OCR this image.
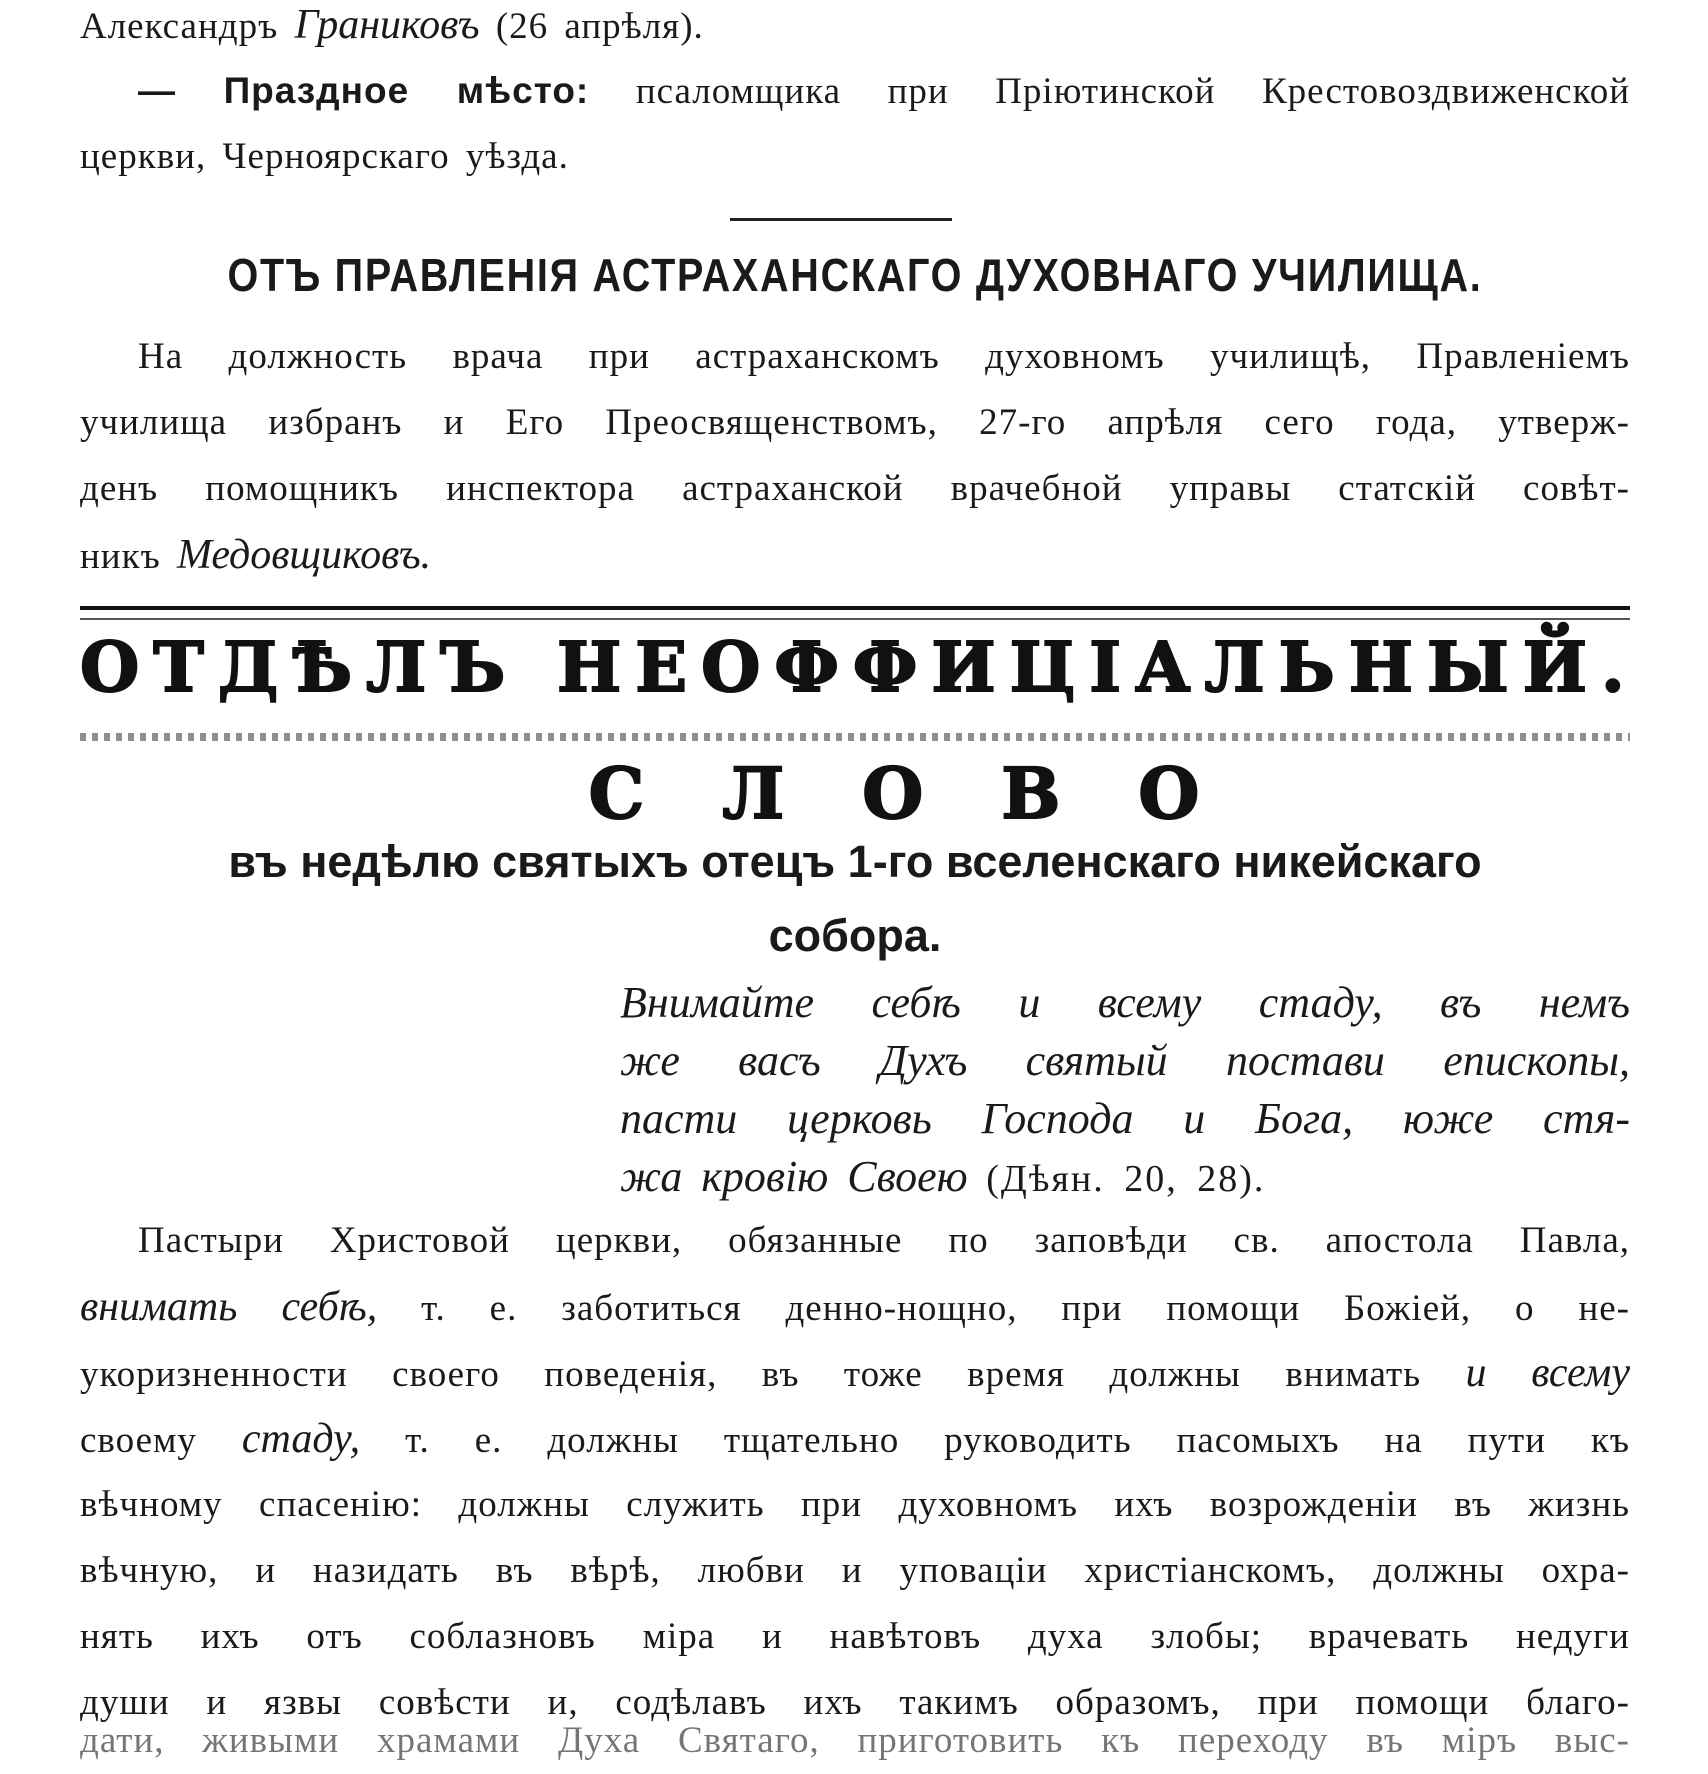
Александръ Граниковъ (26 апрѣля).
— Праздное мѣсто: псаломщика при Пріютинской Крестовоздвиженской
церкви, Черноярскаго уѣзда.
ОТЪ ПРАВЛЕНІЯ АСТРАХАНСКАГО ДУХОВНАГО УЧИЛИЩА.
На должность врача при астраханскомъ духовномъ училищѣ, Правленіемъ
училища избранъ и Его Преосвященствомъ, 27-го апрѣля сего года, утверж-
денъ помощникъ инспектора астраханской врачебной управы статскій совѣт-
никъ Медовщиковъ.
ОТДѢЛЪ НЕОФФИЦІАЛЬНЫЙ.
СЛОВО
въ недѣлю святыхъ отецъ 1-го вселенскаго никейскаго
собора.
Внимайте себѣ и всему стаду, въ немъ
же васъ Духъ святый постави епископы,
пасти церковь Господа и Бога, юже стя-
жа кровію Своею (Дѣян. 20, 28).
Пастыри Христовой церкви, обязанные по заповѣди св. апостола Павла,
внимать себѣ, т. е. заботиться денно-нощно, при помощи Божіей, о не-
укоризненности своего поведенія, въ тоже время должны внимать и всему
своему стаду, т. е. должны тщательно руководить пасомыхъ на пути къ
вѣчному спасенію: должны служить при духовномъ ихъ возрожденіи въ жизнь
вѣчную, и назидать въ вѣрѣ, любви и уповаціи христіанскомъ, должны охра-
нять ихъ отъ соблазновъ міра и навѣтовъ духа злобы; врачевать недуги
души и язвы совѣсти и, содѣлавъ ихъ такимъ образомъ, при помощи благо-
дати, живыми храмами Духа Святаго, приготовить къ переходу въ міръ выс-
